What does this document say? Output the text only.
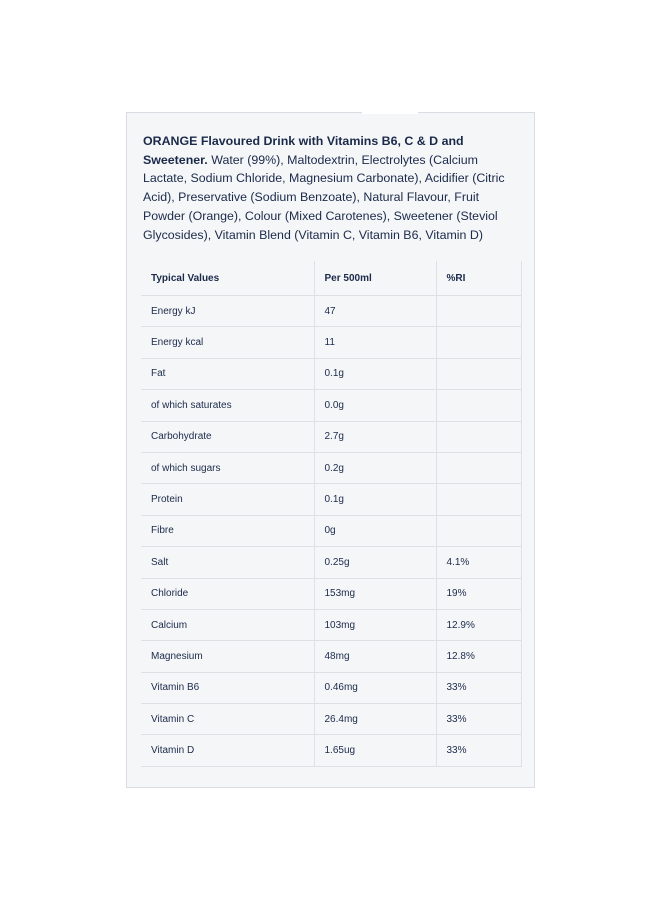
ORANGE Flavoured Drink with Vitamins B6, C & D and Sweetener. Water (99%), Maltodextrin, Electrolytes (Calcium Lactate, Sodium Chloride, Magnesium Carbonate), Acidifier (Citric Acid), Preservative (Sodium Benzoate), Natural Flavour, Fruit Powder (Orange), Colour (Mixed Carotenes), Sweetener (Steviol Glycosides), Vitamin Blend (Vitamin C, Vitamin B6, Vitamin D)
Typical Values	Per 500ml	%RI
Energy kJ	47	
Energy kcal	11	
Fat	0.1g	
of which saturates	0.0g	
Carbohydrate	2.7g	
of which sugars	0.2g	
Protein	0.1g	
Fibre	0g	
Salt	0.25g	4.1%
Chloride	153mg	19%
Calcium	103mg	12.9%
Magnesium	48mg	12.8%
Vitamin B6	0.46mg	33%
Vitamin C	26.4mg	33%
Vitamin D	1.65ug	33%
